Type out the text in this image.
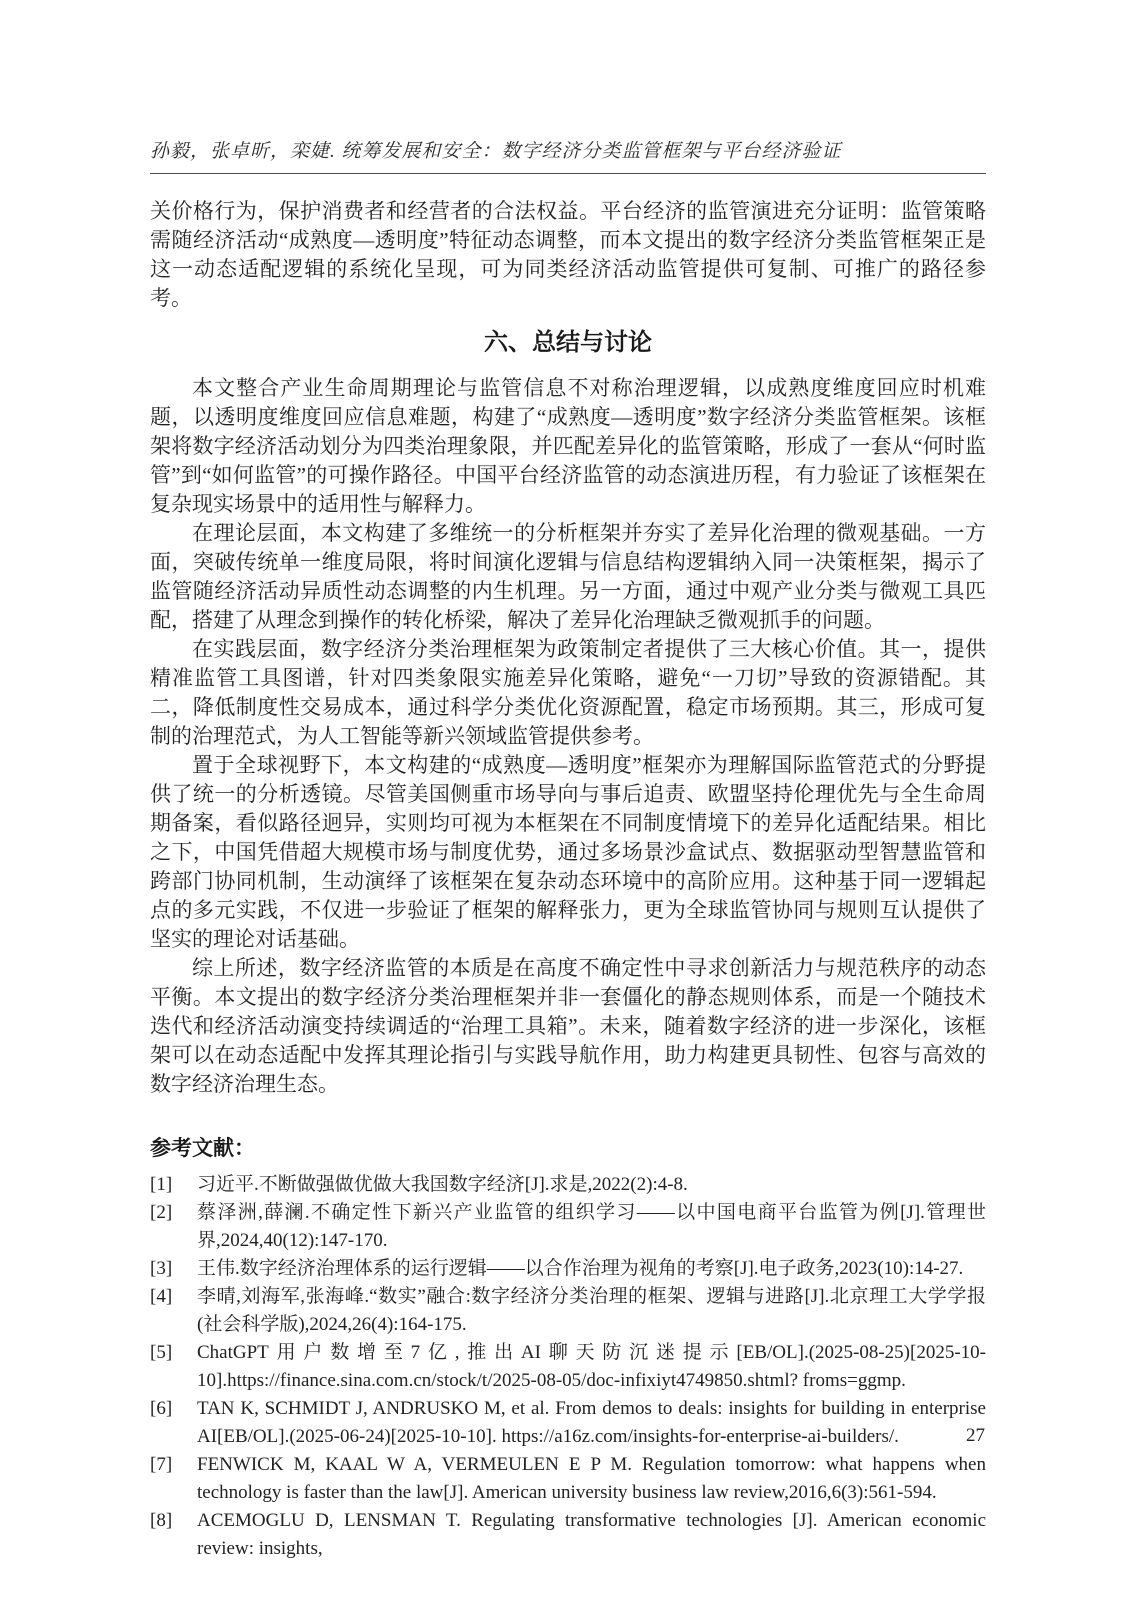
孙毅，张卓昕，栾婕. 统筹发展和安全：数字经济分类监管框架与平台经济验证

关价格行为，保护消费者和经营者的合法权益。平台经济的监管演进充分证明：监管策略需随经济活动“成熟度—透明度”特征动态调整，而本文提出的数字经济分类监管框架正是这一动态适配逻辑的系统化呈现，可为同类经济活动监管提供可复制、可推广的路径参考。

六、总结与讨论

本文整合产业生命周期理论与监管信息不对称治理逻辑，以成熟度维度回应时机难题，以透明度维度回应信息难题，构建了“成熟度—透明度”数字经济分类监管框架。该框架将数字经济活动划分为四类治理象限，并匹配差异化的监管策略，形成了一套从“何时监管”到“如何监管”的可操作路径。中国平台经济监管的动态演进历程，有力验证了该框架在复杂现实场景中的适用性与解释力。

在理论层面，本文构建了多维统一的分析框架并夯实了差异化治理的微观基础。一方面，突破传统单一维度局限，将时间演化逻辑与信息结构逻辑纳入同一决策框架，揭示了监管随经济活动异质性动态调整的内生机理。另一方面，通过中观产业分类与微观工具匹配，搭建了从理念到操作的转化桥梁，解决了差异化治理缺乏微观抓手的问题。

在实践层面，数字经济分类治理框架为政策制定者提供了三大核心价值。其一，提供精准监管工具图谱，针对四类象限实施差异化策略，避免“一刀切”导致的资源错配。其二，降低制度性交易成本，通过科学分类优化资源配置，稳定市场预期。其三，形成可复制的治理范式，为人工智能等新兴领域监管提供参考。

置于全球视野下，本文构建的“成熟度—透明度”框架亦为理解国际监管范式的分野提供了统一的分析透镜。尽管美国侧重市场导向与事后追责、欧盟坚持伦理优先与全生命周期备案，看似路径迥异，实则均可视为本框架在不同制度情境下的差异化适配结果。相比之下，中国凭借超大规模市场与制度优势，通过多场景沙盒试点、数据驱动型智慧监管和跨部门协同机制，生动演绎了该框架在复杂动态环境中的高阶应用。这种基于同一逻辑起点的多元实践，不仅进一步验证了框架的解释张力，更为全球监管协同与规则互认提供了坚实的理论对话基础。

综上所述，数字经济监管的本质是在高度不确定性中寻求创新活力与规范秩序的动态平衡。本文提出的数字经济分类治理框架并非一套僵化的静态规则体系，而是一个随技术迭代和经济活动演变持续调适的“治理工具箱”。未来，随着数字经济的进一步深化，该框架可以在动态适配中发挥其理论指引与实践导航作用，助力构建更具韧性、包容与高效的数字经济治理生态。

参考文献：
[1]	习近平.不断做强做优做大我国数字经济[J].求是,2022(2):4-8.
[2]	蔡泽洲,薛澜.不确定性下新兴产业监管的组织学习——以中国电商平台监管为例[J].管理世界,2024,40(12):147-170.
[3]	王伟.数字经济治理体系的运行逻辑——以合作治理为视角的考察[J].电子政务,2023(10):14-27.
[4]	李晴,刘海军,张海峰.“数实”融合:数字经济分类治理的框架、逻辑与进路[J].北京理工大学学报(社会科学版),2024,26(4):164-175.
[5]	ChatGPT用户数增至7亿,推出AI聊天防沉迷提示[EB/OL].(2025-08-25)[2025-10-10].https://finance.sina.com.cn/stock/t/2025-08-05/doc-infixiyt4749850.shtml? froms=ggmp.
[6]	TAN K, SCHMIDT J, ANDRUSKO M, et al. From demos to deals: insights for building in enterprise AI[EB/OL].(2025-06-24)[2025-10-10]. https://a16z.com/insights-for-enterprise-ai-builders/.
[7]	FENWICK M, KAAL W A, VERMEULEN E P M. Regulation tomorrow: what happens when technology is faster than the law[J]. American university business law review,2016,6(3):561-594.
[8]	ACEMOGLU D, LENSMAN T. Regulating transformative technologies [J]. American economic review: insights,
27
